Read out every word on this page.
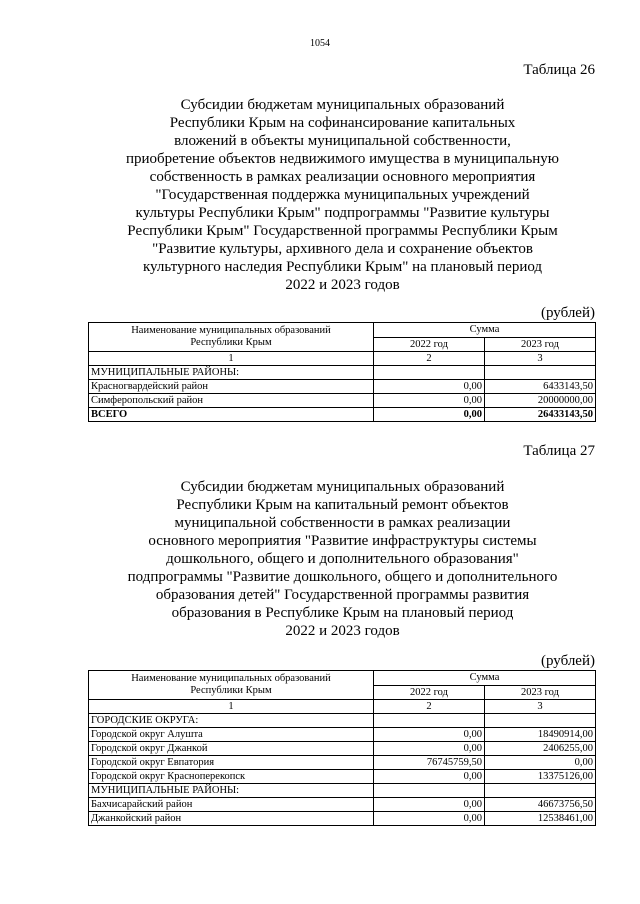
1054
Таблица 26
Субсидии бюджетам муниципальных образований
Республики Крым на софинансирование капитальных
вложений в объекты муниципальной собственности,
приобретение объектов недвижимого имущества в муниципальную
собственность в рамках реализации основного мероприятия
"Государственная поддержка муниципальных учреждений
культуры Республики Крым" подпрограммы "Развитие культуры
Республики Крым" Государственной программы Республики Крым
"Развитие культуры, архивного дела и сохранение объектов
культурного наследия Республики Крым" на плановый период
2022 и 2023 годов
(рублей)
Наименование муниципальных образований
Республики Крым	Сумма	
	2022 год	2023 год
1	2	3
МУНИЦИПАЛЬНЫЕ РАЙОНЫ:		
Красногвардейский район	0,00	6433143,50
Симферопольский район	0,00	20000000,00
ВСЕГО	0,00	26433143,50
Таблица 27
Субсидии бюджетам муниципальных образований
Республики Крым на капитальный ремонт объектов
муниципальной собственности в рамках реализации
основного мероприятия "Развитие инфраструктуры системы
дошкольного, общего и дополнительного образования"
подпрограммы "Развитие дошкольного, общего и дополнительного
образования детей" Государственной программы развития
образования в Республике Крым на плановый период
2022 и 2023 годов
(рублей)
Наименование муниципальных образований
Республики Крым	Сумма	
	2022 год	2023 год
1	2	3
ГОРОДСКИЕ ОКРУГА:		
Городской округ Алушта	0,00	18490914,00
Городской округ Джанкой	0,00	2406255,00
Городской округ Евпатория	76745759,50	0,00
Городской округ Красноперекопск	0,00	13375126,00
МУНИЦИПАЛЬНЫЕ РАЙОНЫ:		
Бахчисарайский район	0,00	46673756,50
Джанкойский район	0,00	12538461,00
